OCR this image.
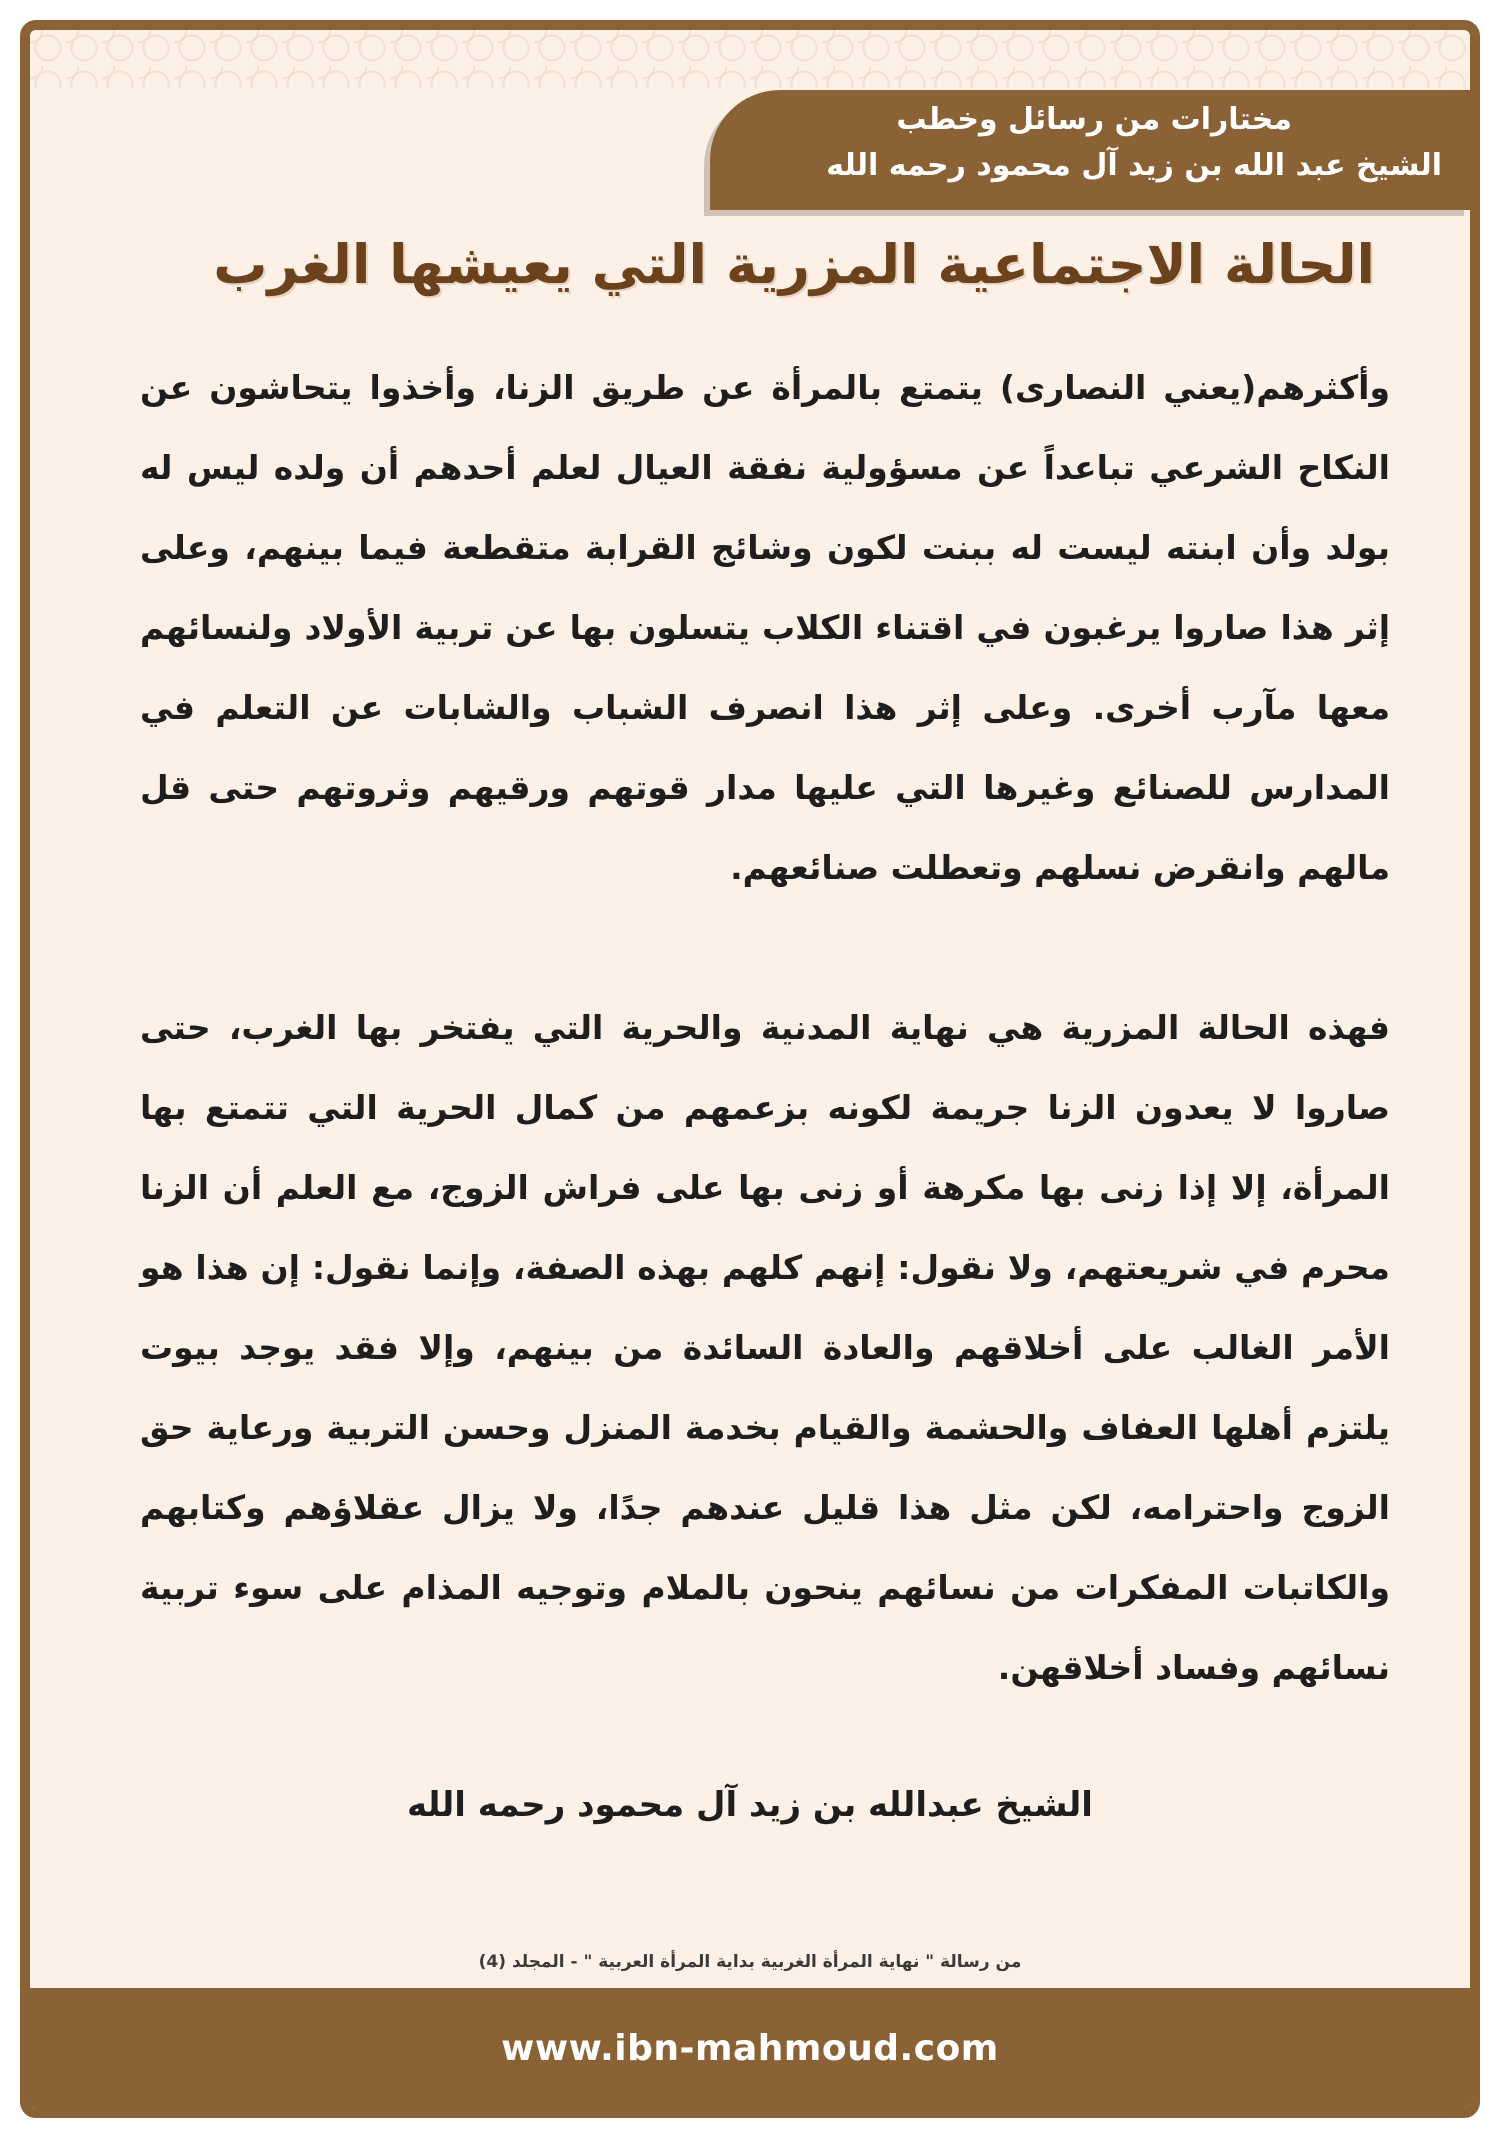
مختارات من رسائل وخطب
الشيخ عبد الله بن زيد آل محمود رحمه الله
الحالة الاجتماعية المزرية التي يعيشها الغرب

وأكثرهم(يعني النصارى) يتمتع بالمرأة عن طريق الزنا، وأخذوا يتحاشون عن النكاح الشرعي تباعداً عن مسؤولية نفقة العيال لعلم أحدهم أن ولده ليس له بولد وأن ابنته ليست له ببنت لكون وشائج القرابة متقطعة فيما بينهم، وعلى إثر هذا صاروا يرغبون في اقتناء الكلاب يتسلون بها عن تربية الأولاد ولنسائهم معها مآرب أخرى. وعلى إثر هذا انصرف الشباب والشابات عن التعلم في المدارس للصنائع وغيرها التي عليها مدار قوتهم ورقيهم وثروتهم حتى قل مالهم وانقرض نسلهم وتعطلت صنائعهم.

فهذه الحالة المزرية هي نهاية المدنية والحرية التي يفتخر بها الغرب، حتى صاروا لا يعدون الزنا جريمة لكونه بزعمهم من كمال الحرية التي تتمتع بها المرأة، إلا إذا زنى بها مكرهة أو زنى بها على فراش الزوج، مع العلم أن الزنا محرم في شريعتهم، ولا نقول: إنهم كلهم بهذه الصفة، وإنما نقول: إن هذا هو الأمر الغالب على أخلاقهم والعادة السائدة من بينهم، وإلا فقد يوجد بيوت يلتزم أهلها العفاف والحشمة والقيام بخدمة المنزل وحسن التربية ورعاية حق الزوج واحترامه، لكن مثل هذا قليل عندهم جدًا، ولا يزال عقلاؤهم وكتابهم والكاتبات المفكرات من نسائهم ينحون بالملام وتوجيه المذام على سوء تربية نسائهم وفساد أخلاقهن.

الشيخ عبدالله بن زيد آل محمود رحمه الله
من رسالة " نهاية المرأة الغربية بداية المرأة العربية " - المجلد (4)
www.ibn-mahmoud.com
